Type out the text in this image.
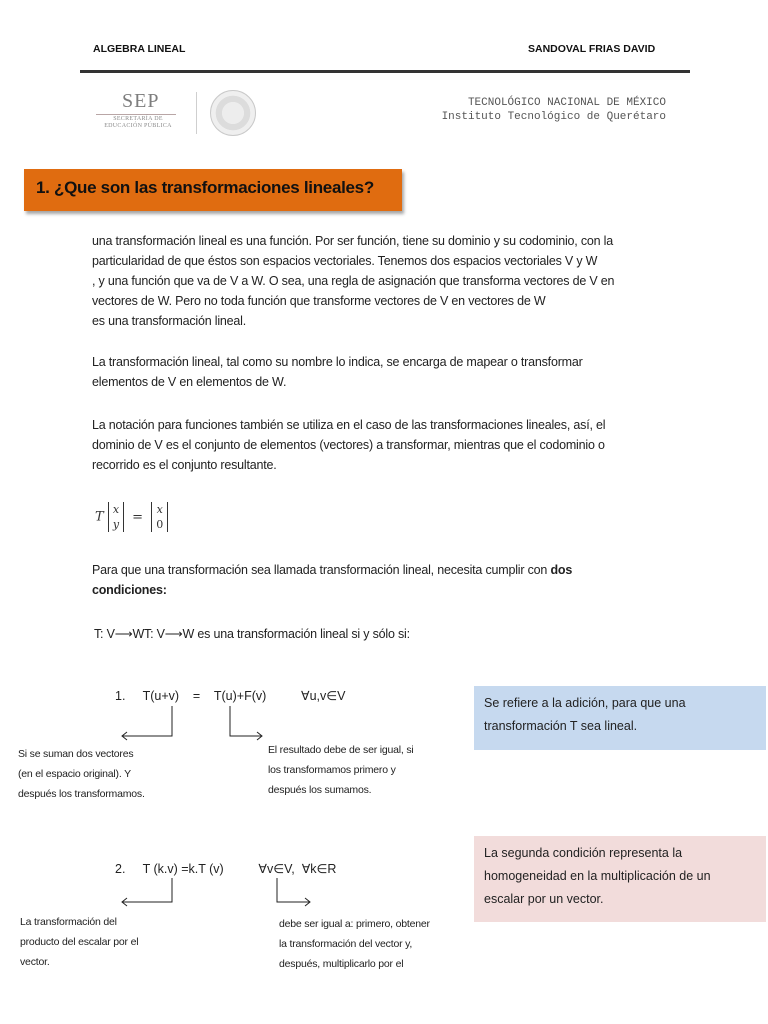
ALGEBRA LINEAL	SANDOVAL FRIAS DAVID
SEP
SECRETARÍA DE
EDUCACIÓN PÚBLICA
TECNOLÓGICO NACIONAL DE MÉXICO
Instituto Tecnológico de Querétaro
1. ¿Que son las transformaciones lineales?
una transformación lineal es una función. Por ser función, tiene su dominio y su codominio, con la
particularidad de que éstos son espacios vectoriales. Tenemos dos espacios vectoriales V y W
, y una función que va de V a W. O sea, una regla de asignación que transforma vectores de V en
vectores de W. Pero no toda función que transforme vectores de V en vectores de W
es una transformación lineal.
La transformación lineal, tal como su nombre lo indica, se encarga de mapear o transformar
elementos de V en elementos de W.
La notación para funciones también se utiliza en el caso de las transformaciones lineales, así, el
dominio de V es el conjunto de elementos (vectores) a transformar, mientras que el codominio o
recorrido es el conjunto resultante.
T x
y = x
0
Para que una transformación sea llamada transformación lineal, necesita cumplir con dos
condiciones:
T: V⟶WT: V⟶W es una transformación lineal si y sólo si:
1.     T(u+v)    =    T(u)+F(v)          ∀u,v∈V
Si se suman dos vectores
(en el espacio original). Y
después los transformamos.
El resultado debe de ser igual, si
los transformamos primero y
después los sumamos.
Se refiere a la adición, para que una
transformación T sea lineal.
2.     T (k.v) =k.T (v)          ∀v∈V,  ∀k∈R
La transformación del
producto del escalar por el
vector.
debe ser igual a: primero, obtener
la transformación del vector y,
después, multiplicarlo por el
La segunda condición representa la
homogeneidad en la multiplicación de un
escalar por un vector.
